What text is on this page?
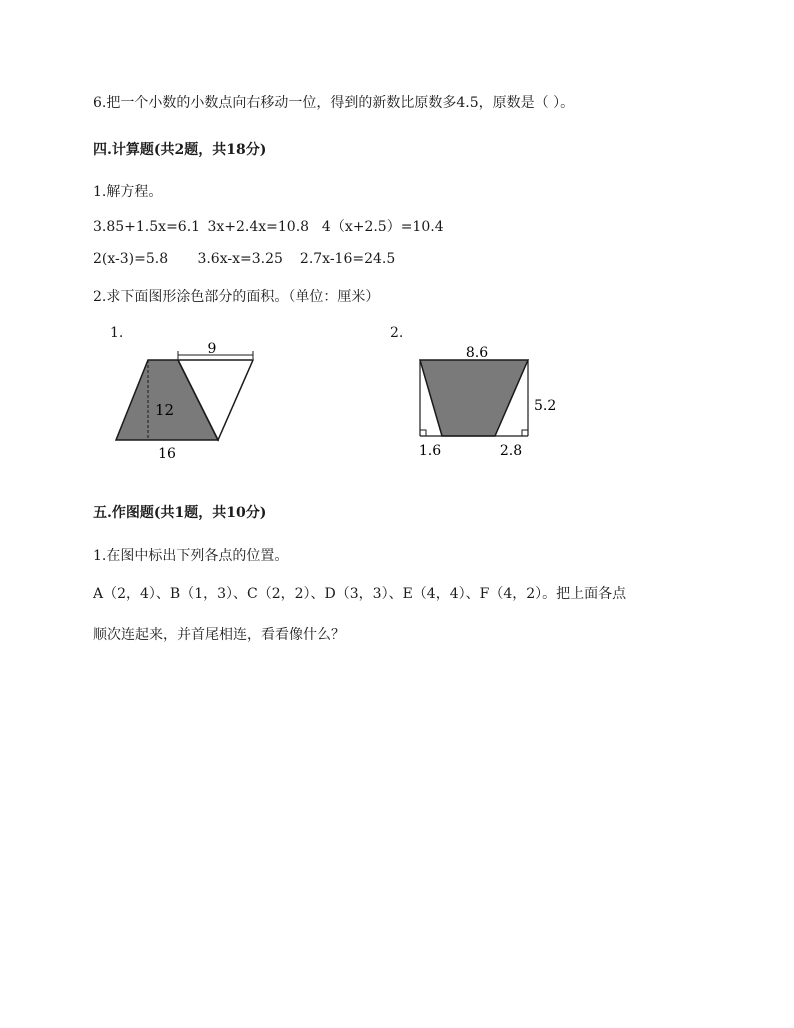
6.把一个小数的小数点向右移动一位，得到的新数比原数多4.5，原数是（ ）。
四.计算题(共2题，共18分)
1.解方程。
3.85+1.5x=6.1 3x+2.4x=10.8 4（x+2.5）=10.4
2(x-3)=5.8 3.6x-x=3.25 2.7x-16=24.5
2.求下面图形涂色部分的面积。（单位：厘米）
1.
9
12
16
2.
8.6
5.2
1.6	2.8
五.作图题(共1题，共10分)
1.在图中标出下列各点的位置。
A（2，4）、B（1，3）、C（2，2）、D（3，3）、E（4，4）、F（4，2）。把上面各点
顺次连起来，并首尾相连，看看像什么？
